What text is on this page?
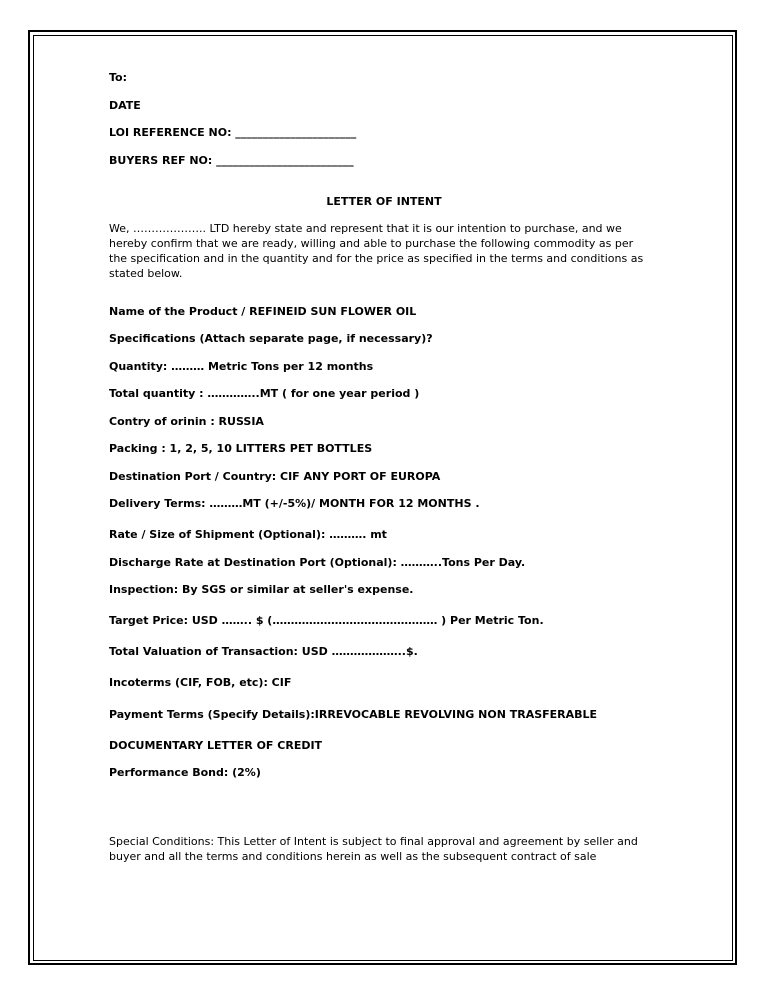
To:
DATE
LOI REFERENCE NO: ______________________
BUYERS REF NO: _________________________
LETTER OF INTENT
We, ……………….. LTD hereby state and represent that it is our intention to purchase, and we
hereby confirm that we are ready, willing and able to purchase the following commodity as per
the specification and in the quantity and for the price as specified in the terms and conditions as
stated below.
Name of the Product / REFINEID SUN FLOWER OIL
Specifications (Attach separate page, if necessary)?
Quantity: ……… Metric Tons per 12 months
Total quantity : …………..MT ( for one year period )
Contry of orinin : RUSSIA
Packing : 1, 2, 5, 10 LITTERS PET BOTTLES
Destination Port / Country: CIF ANY PORT OF EUROPA
Delivery Terms: ………MT (+/-5%)/ MONTH FOR 12 MONTHS .
Rate / Size of Shipment (Optional): ………. mt
Discharge Rate at Destination Port (Optional): ………..Tons Per Day.
Inspection: By SGS or similar at seller's expense.
Target Price: USD …….. $ (……………………………………… ) Per Metric Ton.
Total Valuation of Transaction: USD ………………..$.
Incoterms (CIF, FOB, etc): CIF
Payment Terms (Specify Details):IRREVOCABLE REVOLVING NON TRASFERABLE
DOCUMENTARY LETTER OF CREDIT
Performance Bond: (2%)
Special Conditions: This Letter of Intent is subject to final approval and agreement by seller and
buyer and all the terms and conditions herein as well as the subsequent contract of sale
